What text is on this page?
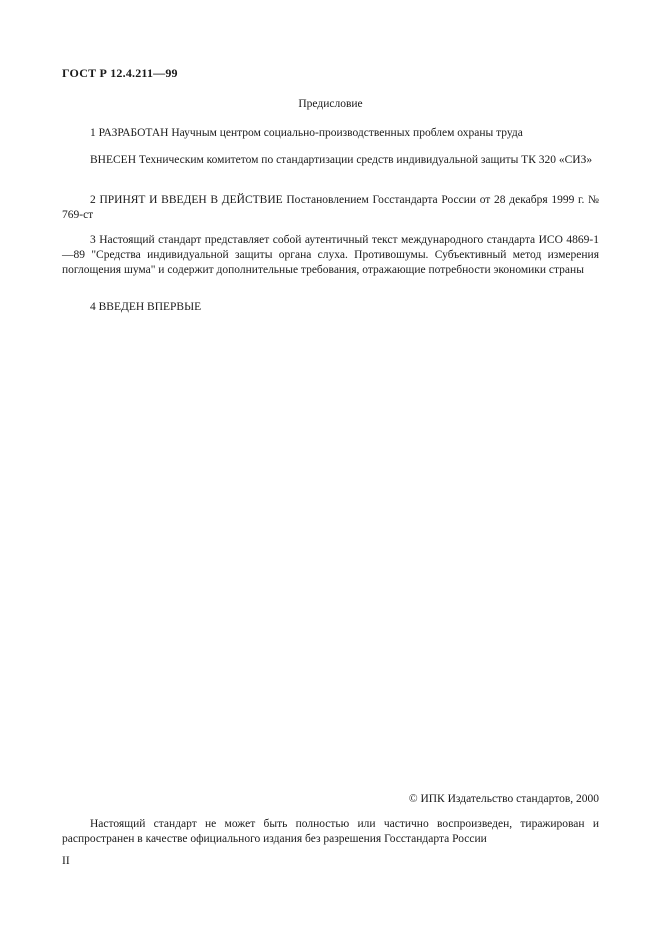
ГОСТ Р 12.4.211—99
Предисловие

1 РАЗРАБОТАН Научным центром социально-производственных проблем охраны труда

ВНЕСЕН Техническим комитетом по стандартизации средств индивидуальной защиты ТК 320 «СИЗ»

2 ПРИНЯТ И ВВЕДЕН В ДЕЙСТВИЕ Постановлением Госстандарта России от 28 декабря 1999 г. № 769-ст

3 Настоящий стандарт представляет собой аутентичный текст международного стандарта ИСО 4869-1—89 "Средства индивидуальной защиты органа слуха. Противошумы. Субъективный метод измерения поглощения шума" и содержит дополнительные требования, отражающие потребности экономики страны

4 ВВЕДЕН ВПЕРВЫЕ

© ИПК Издательство стандартов, 2000
Настоящий стандарт не может быть полностью или частично воспроизведен, тиражирован и распространен в качестве официального издания без разрешения Госстандарта России
II
